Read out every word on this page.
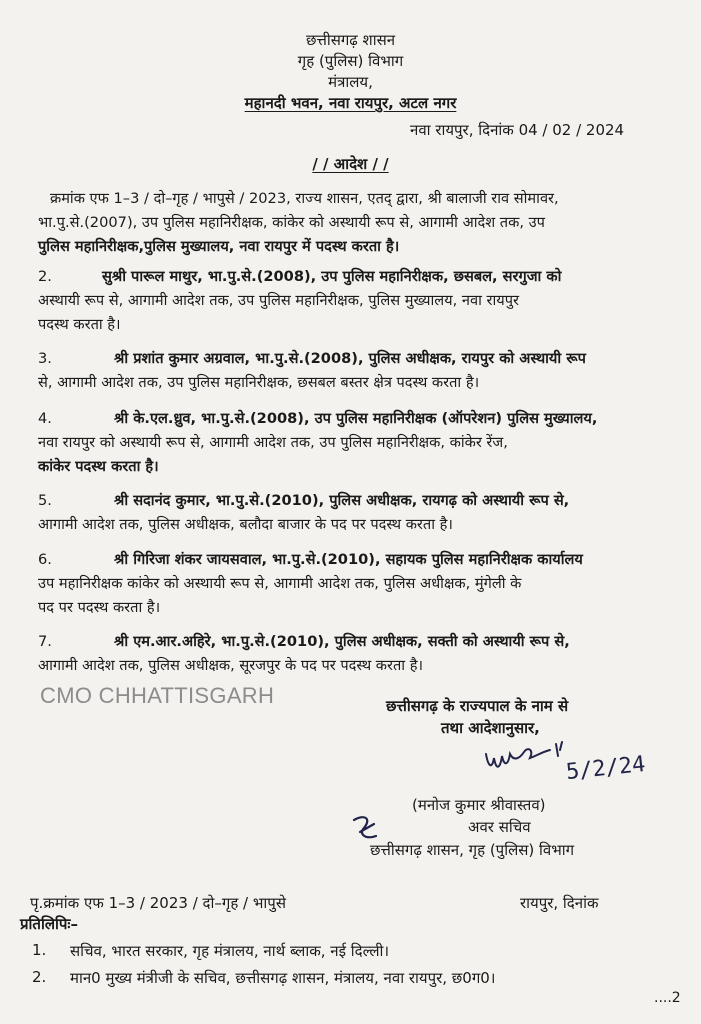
छत्तीसगढ़ शासन
गृह (पुलिस) विभाग
मंत्रालय,
महानदी भवन, नवा रायपुर, अटल नगर
नवा रायपुर, दिनांक 04 / 02 / 2024
/ / आदेश / /
क्रमांक एफ 1–3 / दो–गृह / भापुसे / 2023, राज्य शासन, एतद् द्वारा, श्री बालाजी राव सोमावर,
भा.पु.से.(2007), उप पुलिस महानिरीक्षक, कांकेर को अस्थायी रूप से, आगामी आदेश तक, उप
पुलिस महानिरीक्षक,पुलिस मुख्यालय, नवा रायपुर में पदस्थ करता है।
2.	सुश्री पारूल माथुर, भा.पु.से.(2008), उप पुलिस महानिरीक्षक, छसबल, सरगुजा को
अस्थायी रूप से, आगामी आदेश तक, उप पुलिस महानिरीक्षक, पुलिस मुख्यालय, नवा रायपुर
पदस्थ करता है।
3.	श्री प्रशांत कुमार अग्रवाल, भा.पु.से.(2008), पुलिस अधीक्षक, रायपुर को अस्थायी रूप
से, आगामी आदेश तक, उप पुलिस महानिरीक्षक, छसबल बस्तर क्षेत्र पदस्थ करता है।
4.	श्री के.एल.ध्रुव, भा.पु.से.(2008), उप पुलिस महानिरीक्षक (ऑपरेशन) पुलिस मुख्यालय,
नवा रायपुर को अस्थायी रूप से, आगामी आदेश तक, उप पुलिस महानिरीक्षक, कांकेर रेंज,
कांकेर पदस्थ करता है।
5.	श्री सदानंद कुमार, भा.पु.से.(2010), पुलिस अधीक्षक, रायगढ़ को अस्थायी रूप से,
आगामी आदेश तक, पुलिस अधीक्षक, बलौदा बाजार के पद पर पदस्थ करता है।
6.	श्री गिरिजा शंकर जायसवाल, भा.पु.से.(2010), सहायक पुलिस महानिरीक्षक कार्यालय
उप महानिरीक्षक कांकेर को अस्थायी रूप से, आगामी आदेश तक, पुलिस अधीक्षक, मुंगेली के
पद पर पदस्थ करता है।
7.	श्री एम.आर.अहिरे, भा.पु.से.(2010), पुलिस अधीक्षक, सक्ती को अस्थायी रूप से,
आगामी आदेश तक, पुलिस अधीक्षक, सूरजपुर के पद पर पदस्थ करता है।
CMO CHHATTISGARH	छत्तीसगढ़ के राज्यपाल के नाम से
तथा आदेशानुसार,
5/2/24
(मनोज कुमार श्रीवास्तव)
अवर सचिव
छत्तीसगढ़ शासन, गृह (पुलिस) विभाग
पृ.क्रमांक एफ 1–3 / 2023 / दो–गृह / भापुसे	रायपुर, दिनांक
प्रतिलिपिः–
1. सचिव, भारत सरकार, गृह मंत्रालय, नार्थ ब्लाक, नई दिल्ली।
2. मान0 मुख्य मंत्रीजी के सचिव, छत्तीसगढ़ शासन, मंत्रालय, नवा रायपुर, छ0ग0।
....2
